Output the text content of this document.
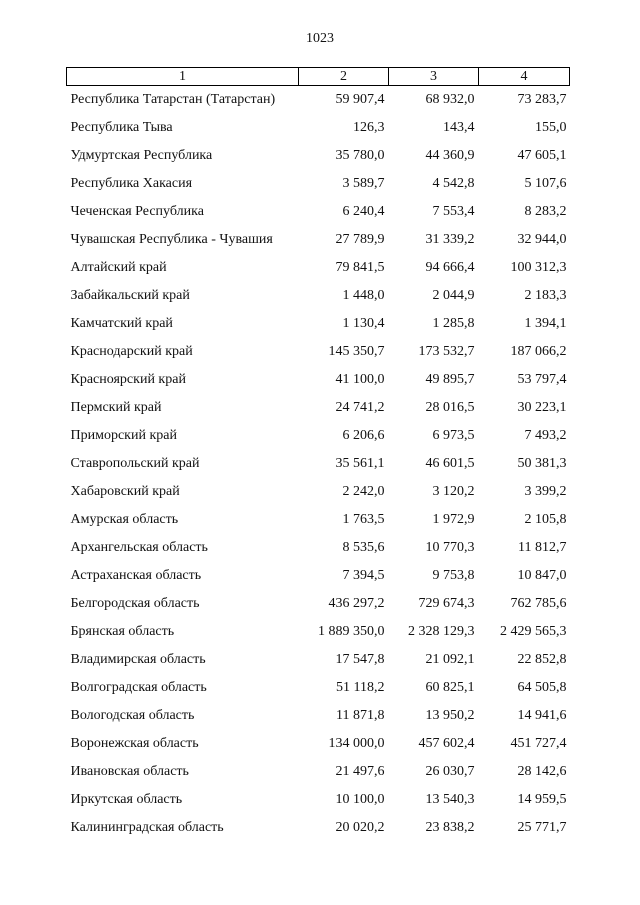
1023
1	2	3	4
Республика Татарстан (Татарстан)	59 907,4	68 932,0	73 283,7
Республика Тыва	126,3	143,4	155,0
Удмуртская Республика	35 780,0	44 360,9	47 605,1
Республика Хакасия	3 589,7	4 542,8	5 107,6
Чеченская Республика	6 240,4	7 553,4	8 283,2
Чувашская Республика - Чувашия	27 789,9	31 339,2	32 944,0
Алтайский край	79 841,5	94 666,4	100 312,3
Забайкальский край	1 448,0	2 044,9	2 183,3
Камчатский край	1 130,4	1 285,8	1 394,1
Краснодарский край	145 350,7	173 532,7	187 066,2
Красноярский край	41 100,0	49 895,7	53 797,4
Пермский край	24 741,2	28 016,5	30 223,1
Приморский край	6 206,6	6 973,5	7 493,2
Ставропольский край	35 561,1	46 601,5	50 381,3
Хабаровский край	2 242,0	3 120,2	3 399,2
Амурская область	1 763,5	1 972,9	2 105,8
Архангельская область	8 535,6	10 770,3	11 812,7
Астраханская область	7 394,5	9 753,8	10 847,0
Белгородская область	436 297,2	729 674,3	762 785,6
Брянская область	1 889 350,0	2 328 129,3	2 429 565,3
Владимирская область	17 547,8	21 092,1	22 852,8
Волгоградская область	51 118,2	60 825,1	64 505,8
Вологодская область	11 871,8	13 950,2	14 941,6
Воронежская область	134 000,0	457 602,4	451 727,4
Ивановская область	21 497,6	26 030,7	28 142,6
Иркутская область	10 100,0	13 540,3	14 959,5
Калининградская область	20 020,2	23 838,2	25 771,7
